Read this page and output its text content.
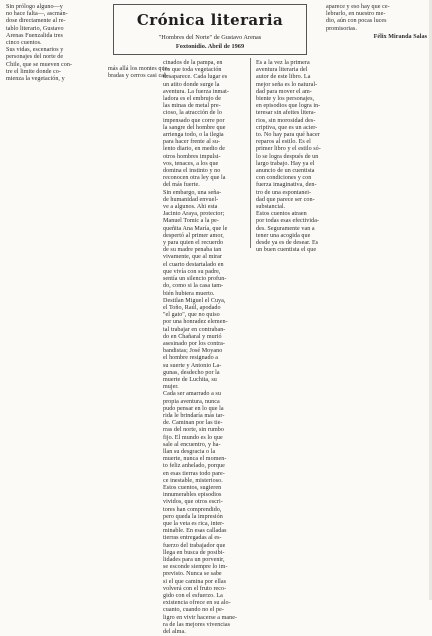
Crónica literaria
"Hombres del Norte" de Gustavo Arenas
Foxtonidio. Abril de 1969
Sin prólogo alguno—y
no hace falta—, ascmán-
dose directamente al re-
tablo literario, Gustavo
Arenas Fuenzalida tres
cinco cuentos.
Sus vidas, escenarios y
personajes del norte de
Chile, que se mueven con-
tre el limite donde co-
mienza la vegetación, y
más allá los montes que-
bradas y cerros casi cal-
cinados de la pampa, en
los que toda vegetación
desaparece. Cada lugar es
un atito donde surge la
aventura. La fuerza inmat-
ladora es el embrujo de
las minas de metal pre-
cioso, la atracción de lo
impensado que corre por
la sangre del hombre que
arrienga todo, o la ilegia
para hacer frente al su-
lento diario, en medio de
otros hombres impulsi-
vos, tenaces, a los que
domina el instinto y no
reconocen otra ley que la
del más fuerte.
Sin embargo, una seña-
de humanidad envuel-
ve a algunos. Ahi esta
Jacinto Araya, protector;
Manuel Tomic a la pe-
queñita Ana María, que le
despertó al primer amor,
y para quien el recuerdo
de su madre penaba tan
vivamente, que al mirar
el cuarto destartalado en
que vivía con su padre,
sentía un silencio profun-
do, como si la casa tam-
bién hubiera muerto.
Destilan Miguel el Cuya,
el Toño, Raúl, apodado
"el gato", que no quiso
por una honradez elemen-
tal trabajar en contraban-
do en Chañaral y murió
asesinado por los contra-
bandistas; José Moyano
el hombre resignado a
su suerte y Antonio La-
gunas, desdecho por la
muerte de Luchita, su
mujer.
Cada ser amarrado a su
propia aventura, nunca
pudo pensar en lo que la
rida le brindaría más tar-
de. Caminan por las tie-
rras del norte, sin rumbo
fijo. El mundo es lo que
sale al encuentro, y ha-
llan su desgracia o la
muerte, nunca el momen-
to feliz anhelado, porque
en esas tierras todo pare-
ce inestable, misterioso.
Estos cuentos, sugieren
innumerables episodios
vividos, que otros escri-
tores han comprendido,
pero queda la impresión
que la veta es rica, inter-
minable. En esas calladas
tierras entregadas al es-
fuerzo del trabajador que
llega en busca de posibi-
lidades para un porvenir,
se esconde siempre lo im-
previsto. Nunca se sabe
si el que camina por ellas
volverá con el fruto reco-
gido con el esfuerzo. La
existencia ofrece en su alo-
cuanto, cuando no el pe-
ligro en vivir hacerse a mane-
ra de las mejores vivencias
del alma.
Es a la vez la primera
aventura literaria del
autor de este libro. La
mejor seña es lo natural-
dad para mover el am-
biente y los personajes,
en episodios que logra in-
teresar sin afeites litera-
rios, sin morosidad des-
criptiva, que es un acier-
to. No hay para qué hacer
reparos al estilo. Es el
primer libro y el estilo só-
lo se logra después de un
largo trabajo. Hay ya el
anuncio de un cuentista
con condiciones y con
fuerza imaginativa, den-
tro de una espontanei-
dad que parece ser con-
substancial.
Estos cuentos atraen
por todas esas efectivida-
des. Seguramente van a
tener una acogida que
desde ya es de desear. Es
un buen cuentista el que
aparece y eso hay que ce-
lebrarlo, en nuestro me-
dio, aún con pocas luces
promisorias.
Félix Miranda Salas
